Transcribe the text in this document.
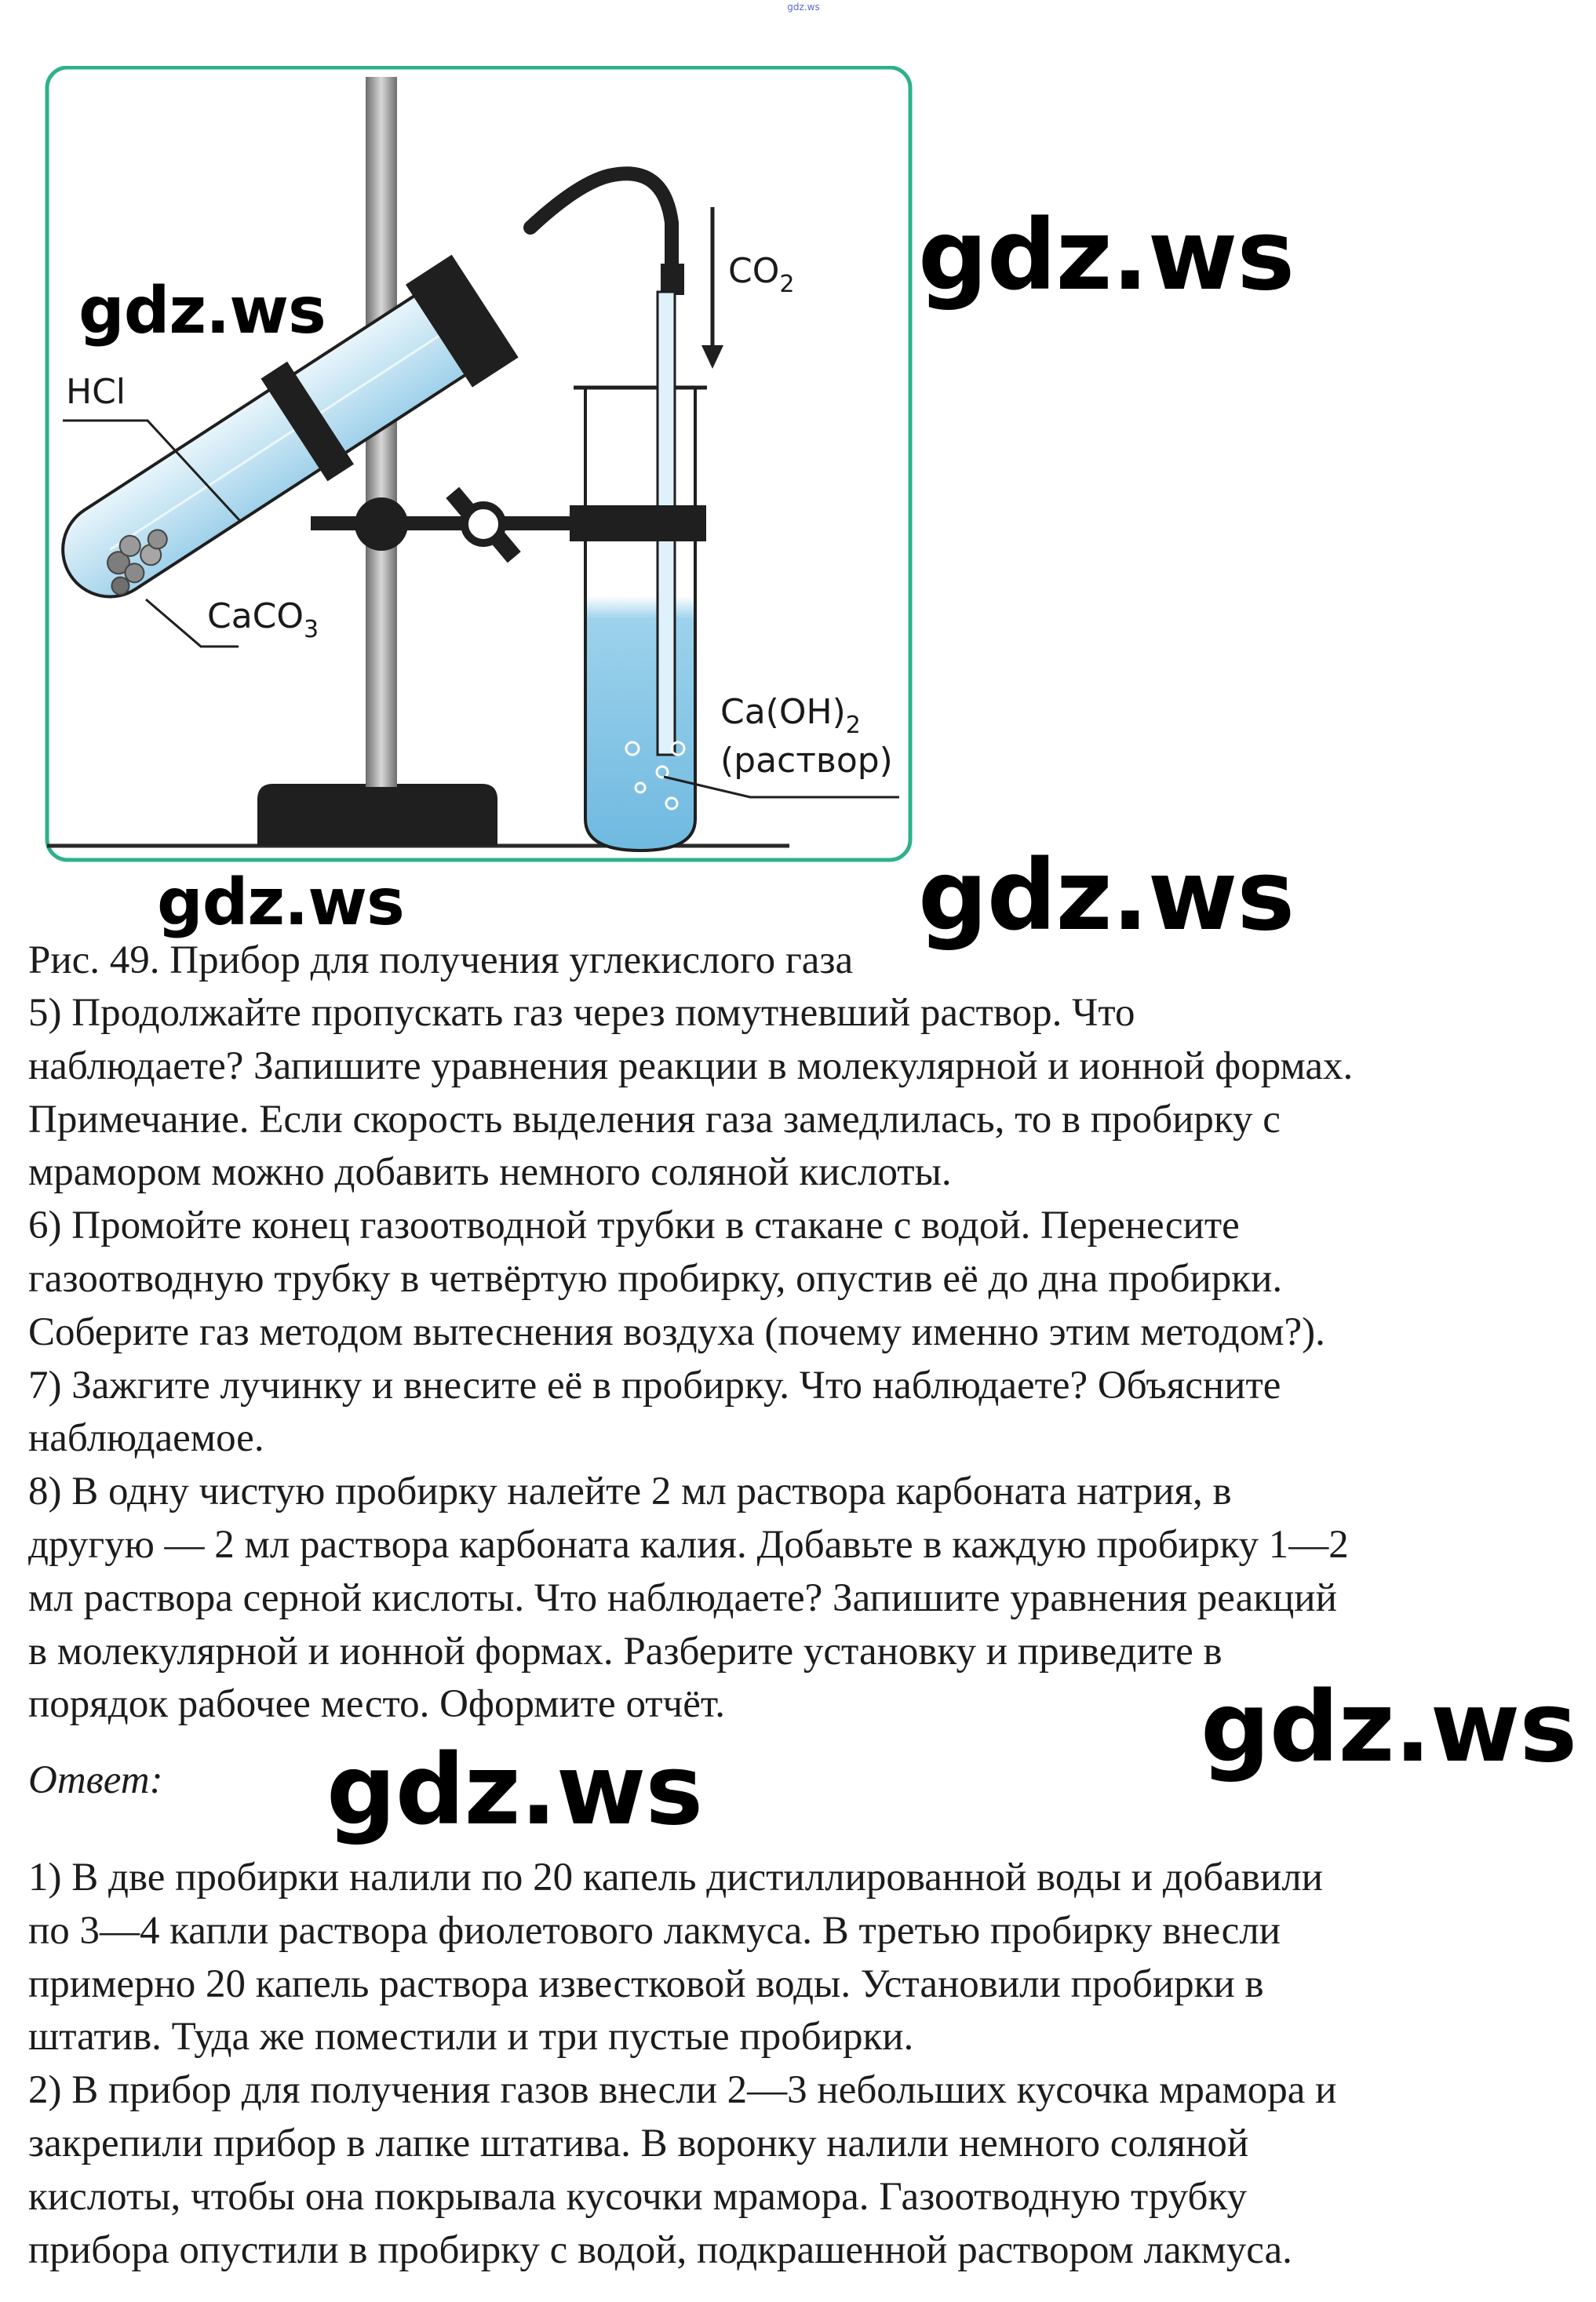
gdz.ws
HCl
CaCO$_3$
$CO_2$
$Ca(OH)_2$
(раствор)
gdz.ws	gdz.ws
gdz.ws	gdz.ws
gdz.ws
gdz.ws
Рис. 49. Прибор для получения углекислого газа

5) Продолжайте пропускать газ через помутневший раствор. Что

наблюдаете? Запишите уравнения реакции в молекулярной и ионной формах.

Примечание. Если скорость выделения газа замедлилась, то в пробирку с

мрамором можно добавить немного соляной кислоты.

6) Промойте конец газоотводной трубки в стакане с водой. Перенесите

газоотводную трубку в четвёртую пробирку, опустив её до дна пробирки.

Соберите газ методом вытеснения воздуха (почему именно этим методом?).

7) Зажгите лучинку и внесите её в пробирку. Что наблюдаете? Объясните

наблюдаемое.

8) В одну чистую пробирку налейте 2 мл раствора карбоната натрия, в

другую — 2 мл раствора карбоната калия. Добавьте в каждую пробирку 1—2

мл раствора серной кислоты. Что наблюдаете? Запишите уравнения реакций

в молекулярной и ионной формах. Разберите установку и приведите в

порядок рабочее место. Оформите отчёт.

Ответ:

1) В две пробирки налили по 20 капель дистиллированной воды и добавили

по 3—4 капли раствора фиолетового лакмуса. В третью пробирку внесли

примерно 20 капель раствора известковой воды. Установили пробирки в

штатив. Туда же поместили и три пустые пробирки.

2) В прибор для получения газов внесли 2—3 небольших кусочка мрамора и

закрепили прибор в лапке штатива. В воронку налили немного соляной

кислоты, чтобы она покрывала кусочки мрамора. Газоотводную трубку

прибора опустили в пробирку с водой, подкрашенной раствором лакмуса.
